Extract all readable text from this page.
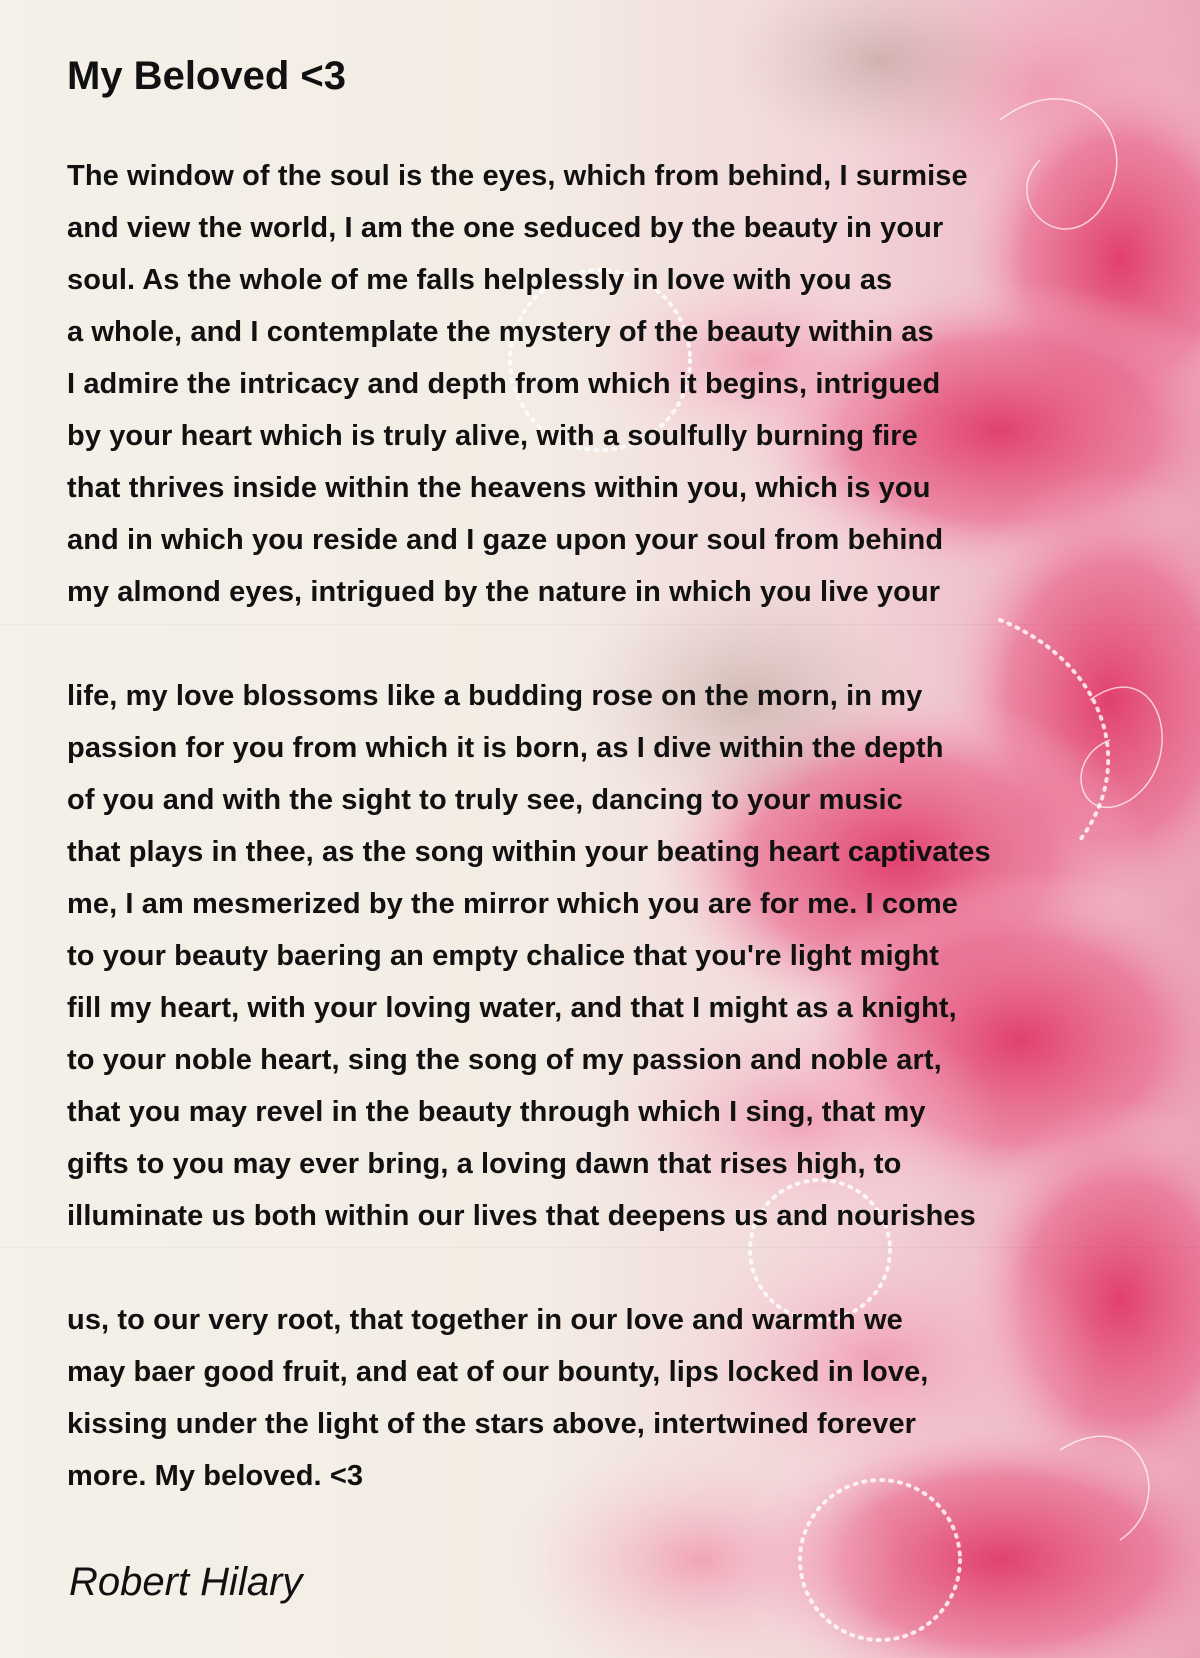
My Beloved <3
The window of the soul is the eyes, which from behind, I surmise
and view the world, I am the one seduced by the beauty in your
soul. As the whole of me falls helplessly in love with you as
a whole, and I contemplate the mystery of the beauty within as
I admire the intricacy and depth from which it begins, intrigued
by your heart which is truly alive, with a soulfully burning fire
that thrives inside within the heavens within you, which is you
and in which you reside and I gaze upon your soul from behind
my almond eyes, intrigued by the nature in which you live your
life, my love blossoms like a budding rose on the morn, in my
passion for you from which it is born, as I dive within the depth
of you and with the sight to truly see, dancing to your music
that plays in thee, as the song within your beating heart captivates
me, I am mesmerized by the mirror which you are for me. I come
to your beauty baering an empty chalice that you're light might
fill my heart, with your loving water, and that I might as a knight,
to your noble heart, sing the song of my passion and noble art,
that you may revel in the beauty through which I sing, that my
gifts to you may ever bring, a loving dawn that rises high, to
illuminate us both within our lives that deepens us and nourishes
us, to our very root, that together in our love and warmth we
may baer good fruit, and eat of our bounty, lips locked in love,
kissing under the light of the stars above, intertwined forever
more. My beloved. <3
Robert Hilary
